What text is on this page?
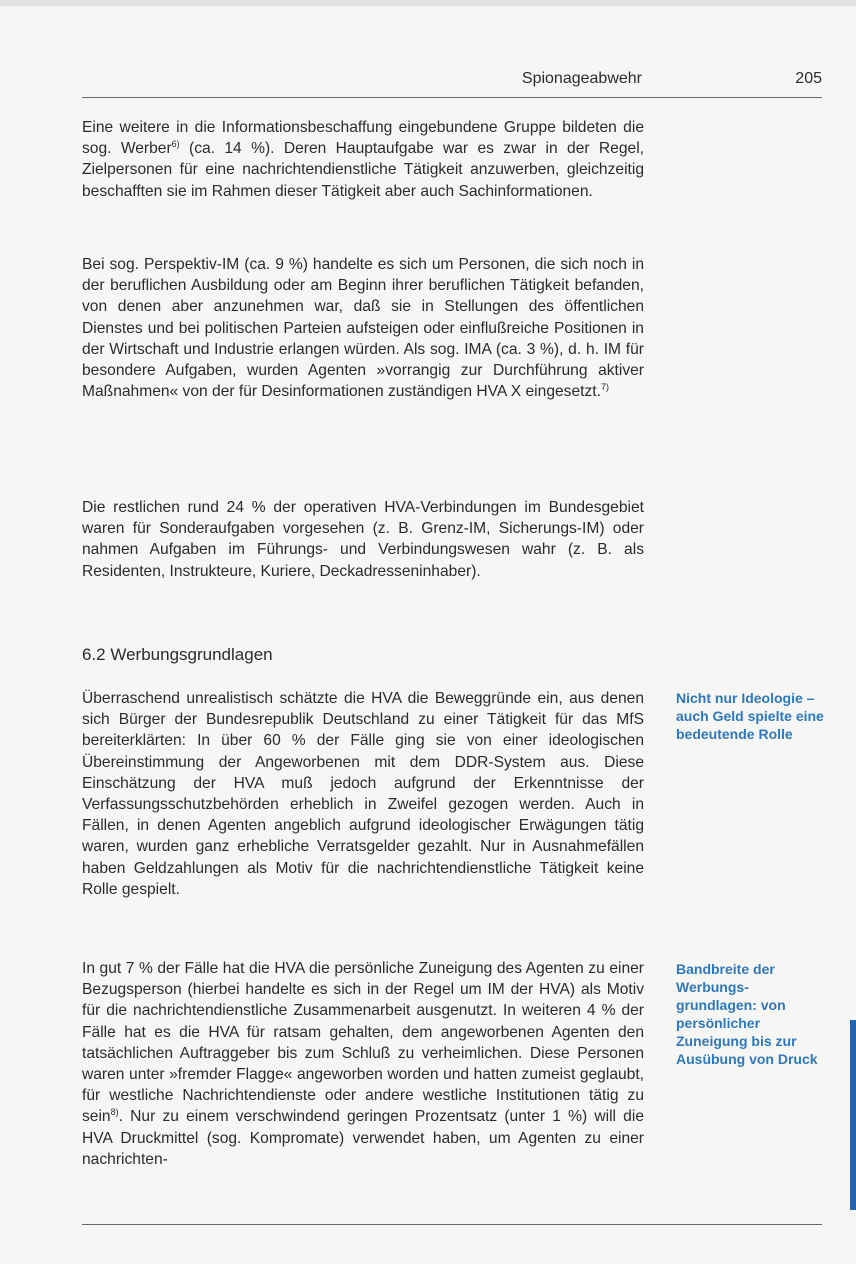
Spionageabwehr	205

Eine weitere in die Informationsbeschaffung eingebundene Gruppe bildeten die sog. Werber$^{6)}$ (ca. 14 %). Deren Hauptaufgabe war es zwar in der Regel, Zielpersonen für eine nachrichtendienstliche Tätigkeit anzuwerben, gleichzeitig beschafften sie im Rahmen dieser Tätigkeit aber auch Sachinformationen.

Bei sog. Perspektiv-IM (ca. 9 %) handelte es sich um Personen, die sich noch in der beruflichen Ausbildung oder am Beginn ihrer beruflichen Tätigkeit befanden, von denen aber anzunehmen war, daß sie in Stellungen des öffentlichen Dienstes und bei politischen Parteien aufsteigen oder einflußreiche Positionen in der Wirtschaft und Industrie erlangen würden. Als sog. IMA (ca. 3 %), d. h. IM für besondere Aufgaben, wurden Agenten »vorrangig zur Durchführung aktiver Maßnahmen« von der für Desinformationen zuständigen HVA X eingesetzt.$^{7)}$

Die restlichen rund 24 % der operativen HVA-Verbindungen im Bundesgebiet waren für Sonderaufgaben vorgesehen (z. B. Grenz-IM, Sicherungs-IM) oder nahmen Aufgaben im Führungs- und Verbindungswesen wahr (z. B. als Residenten, Instrukteure, Kuriere, Deckadresseninhaber).

6.2 Werbungsgrundlagen

Überraschend unrealistisch schätzte die HVA die Beweggründe ein, aus denen sich Bürger der Bundesrepublik Deutschland zu einer Tätigkeit für das MfS bereiterklärten: In über 60 % der Fälle ging sie von einer ideologischen Übereinstimmung der Angeworbenen mit dem DDR-System aus. Diese Einschätzung der HVA muß jedoch aufgrund der Erkenntnisse der Verfassungsschutzbehörden erheblich in Zweifel gezogen werden. Auch in Fällen, in denen Agenten angeblich aufgrund ideologischer Erwägungen tätig waren, wurden ganz erhebliche Verratsgelder gezahlt. Nur in Ausnahmefällen haben Geldzahlungen als Motiv für die nachrichtendienstliche Tätigkeit keine Rolle gespielt.

In gut 7 % der Fälle hat die HVA die persönliche Zuneigung des Agenten zu einer Bezugsperson (hierbei handelte es sich in der Regel um IM der HVA) als Motiv für die nachrichtendienstliche Zusammenarbeit ausgenutzt. In weiteren 4 % der Fälle hat es die HVA für ratsam gehalten, dem angeworbenen Agenten den tatsächlichen Auftraggeber bis zum Schluß zu verheimlichen. Diese Personen waren unter »fremder Flagge« angeworben worden und hatten zumeist geglaubt, für westliche Nachrichtendienste oder andere westliche Institutionen tätig zu sein$^{8)}$. Nur zu einem verschwindend geringen Prozentsatz (unter 1 %) will die HVA Druckmittel (sog. Kompromate) verwendet haben, um Agenten zu einer nachrichten-

Nicht nur Ideologie – auch Geld spielte eine bedeutende Rolle
Bandbreite der Werbungs-grundlagen: von persönlicher Zuneigung bis zur Ausübung von Druck
